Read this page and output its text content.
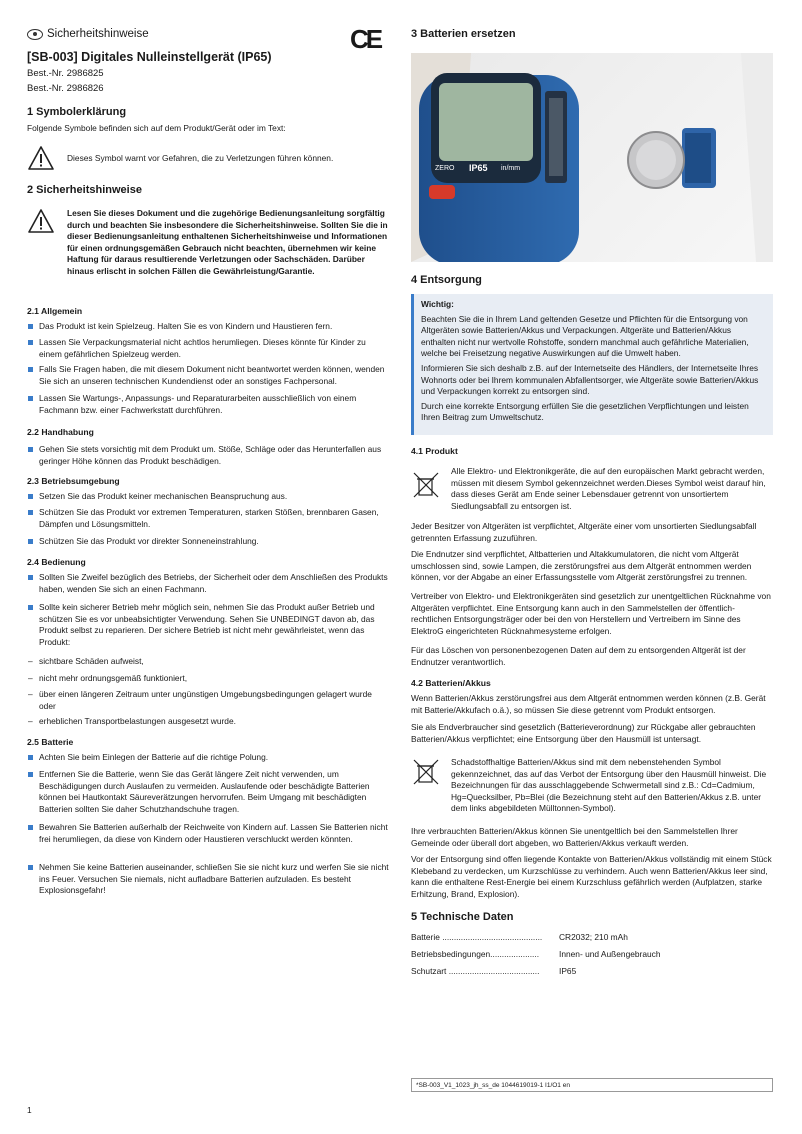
Sicherheitshinweise	CE
[SB-003] Digitales Nulleinstellgerät (IP65)
Best.-Nr. 2986825
Best.-Nr. 2986826
1 Symbolerklärung

Folgende Symbole befinden sich auf dem Produkt/Gerät oder im Text:

Dieses Symbol warnt vor Gefahren, die zu Verletzungen führen können.
2 Sicherheitshinweise
Lesen Sie dieses Dokument und die zugehörige Bedienungsanleitung sorgfältig durch und beachten Sie insbesondere die Sicherheitshinweise. Sollten Sie die in dieser Bedienungsanleitung enthaltenen Sicherheitshinweise und Informationen für einen ordnungsgemäßen Gebrauch nicht beachten, übernehmen wir keine Haftung für daraus resultierende Verletzungen oder Sachschäden. Darüber hinaus erlischt in solchen Fällen die Gewährleistung/Garantie.
2.1 Allgemein
Das Produkt ist kein Spielzeug. Halten Sie es von Kindern und Haustieren fern.
Lassen Sie Verpackungsmaterial nicht achtlos herumliegen. Dieses könnte für Kinder zu einem gefährlichen Spielzeug werden.
Falls Sie Fragen haben, die mit diesem Dokument nicht beantwortet werden können, wenden Sie sich an unseren technischen Kundendienst oder an sonstiges Fachpersonal.
Lassen Sie Wartungs-, Anpassungs- und Reparaturarbeiten ausschließlich von einem Fachmann bzw. einer Fachwerkstatt durchführen.
2.2 Handhabung
Gehen Sie stets vorsichtig mit dem Produkt um. Stöße, Schläge oder das Herunterfallen aus geringer Höhe können das Produkt beschädigen.
2.3 Betriebsumgebung
Setzen Sie das Produkt keiner mechanischen Beanspruchung aus.
Schützen Sie das Produkt vor extremen Temperaturen, starken Stößen, brennbaren Gasen, Dämpfen und Lösungsmitteln.
Schützen Sie das Produkt vor direkter Sonneneinstrahlung.
2.4 Bedienung
Sollten Sie Zweifel bezüglich des Betriebs, der Sicherheit oder dem Anschließen des Produkts haben, wenden Sie sich an einen Fachmann.
Sollte kein sicherer Betrieb mehr möglich sein, nehmen Sie das Produkt außer Betrieb und schützen Sie es vor unbeabsichtigter Verwendung. Sehen Sie UNBEDINGT davon ab, das Produkt selbst zu reparieren. Der sichere Betrieb ist nicht mehr gewährleistet, wenn das Produkt:
– sichtbare Schäden aufweist,
– nicht mehr ordnungsgemäß funktioniert,
– über einen längeren Zeitraum unter ungünstigen Umgebungsbedingungen gelagert wurde oder
– erheblichen Transportbelastungen ausgesetzt wurde.
2.5 Batterie
Achten Sie beim Einlegen der Batterie auf die richtige Polung.
Entfernen Sie die Batterie, wenn Sie das Gerät längere Zeit nicht verwenden, um Beschädigungen durch Auslaufen zu vermeiden. Auslaufende oder beschädigte Batterien können bei Hautkontakt Säureverätzungen hervorrufen. Beim Umgang mit beschädigten Batterien sollten Sie daher Schutzhandschuhe tragen.
Bewahren Sie Batterien außerhalb der Reichweite von Kindern auf. Lassen Sie Batterien nicht frei herumliegen, da diese von Kindern oder Haustieren verschluckt werden könnten.
Nehmen Sie keine Batterien auseinander, schließen Sie sie nicht kurz und werfen Sie sie nicht ins Feuer. Versuchen Sie niemals, nicht aufladbare Batterien aufzuladen. Es besteht Explosionsgefahr!
3 Batterien ersetzen
ZERO IP65 in/mm
4 Entsorgung

Wichtig:

Beachten Sie die in Ihrem Land geltenden Gesetze und Pflichten für die Entsorgung von Altgeräten sowie Batterien/Akkus und Verpackungen. Altgeräte und Batterien/Akkus enthalten nicht nur wertvolle Rohstoffe, sondern manchmal auch gefährliche Materialien, welche bei Freisetzung negative Auswirkungen auf die Umwelt haben.

Informieren Sie sich deshalb z.B. auf der Internetseite des Händlers, der Internetseite Ihres Wohnorts oder bei Ihrem kommunalen Abfallentsorger, wie Altgeräte sowie Batterien/Akkus und Verpackungen korrekt zu entsorgen sind.

Durch eine korrekte Entsorgung erfüllen Sie die gesetzlichen Verpflichtungen und leisten Ihren Beitrag zum Umweltschutz.

4.1 Produkt
Alle Elektro- und Elektronikgeräte, die auf den europäischen Markt gebracht werden, müssen mit diesem Symbol gekennzeichnet werden.Dieses Symbol weist darauf hin, dass dieses Gerät am Ende seiner Lebensdauer getrennt von unsortiertem Siedlungsabfall zu entsorgen ist.

Jeder Besitzer von Altgeräten ist verpflichtet, Altgeräte einer vom unsortierten Siedlungsabfall getrennten Erfassung zuzuführen.

Die Endnutzer sind verpflichtet, Altbatterien und Altakkumulatoren, die nicht vom Altgerät umschlossen sind, sowie Lampen, die zerstörungsfrei aus dem Altgerät entnommen werden können, vor der Abgabe an einer Erfassungsstelle vom Altgerät zerstörungsfrei zu trennen.

Vertreiber von Elektro- und Elektronikgeräten sind gesetzlich zur unentgeltlichen Rücknahme von Altgeräten verpflichtet. Eine Entsorgung kann auch in den Sammelstellen der öffentlich-rechtlichen Entsorgungsträger oder bei den von Herstellern und Vertreibern im Sinne des ElektroG eingerichteten Rücknahmesysteme erfolgen.

Für das Löschen von personenbezogenen Daten auf dem zu entsorgenden Altgerät ist der Endnutzer verantwortlich.

4.2 Batterien/Akkus

Wenn Batterien/Akkus zerstörungsfrei aus dem Altgerät entnommen werden können (z.B. Gerät mit Batterie/Akkufach o.ä.), so müssen Sie diese getrennt vom Produkt entsorgen.

Sie als Endverbraucher sind gesetzlich (Batterieverordnung) zur Rückgabe aller gebrauchten Batterien/Akkus verpflichtet; eine Entsorgung über den Hausmüll ist untersagt.

Schadstoffhaltige Batterien/Akkus sind mit dem nebenstehenden Symbol gekennzeichnet, das auf das Verbot der Entsorgung über den Hausmüll hinweist. Die Bezeichnungen für das ausschlaggebende Schwermetall sind z.B.: Cd=Cadmium, Hg=Quecksilber, Pb=Blei (die Bezeichnung steht auf den Batterien/Akkus z.B. unter dem links abgebildeten Mülltonnen-Symbol).

Ihre verbrauchten Batterien/Akkus können Sie unentgeltlich bei den Sammelstellen Ihrer Gemeinde oder überall dort abgeben, wo Batterien/Akkus verkauft werden.

Vor der Entsorgung sind offen liegende Kontakte von Batterien/Akkus vollständig mit einem Stück Klebeband zu verdecken, um Kurzschlüsse zu verhindern. Auch wenn Batterien/Akkus leer sind, kann die enthaltene Rest-Energie bei einem Kurzschluss gefährlich werden (Aufplatzen, starke Erhitzung, Brand, Explosion).

5 Technische Daten
Batterie ........................................... CR2032; 210 mAh
Betriebsbedingungen..................... Innen- und Außengebrauch
Schutzart ....................................... IP65
*SB-003_V1_1023_jh_ss_de 1044619019-1 I1/O1 en
1
